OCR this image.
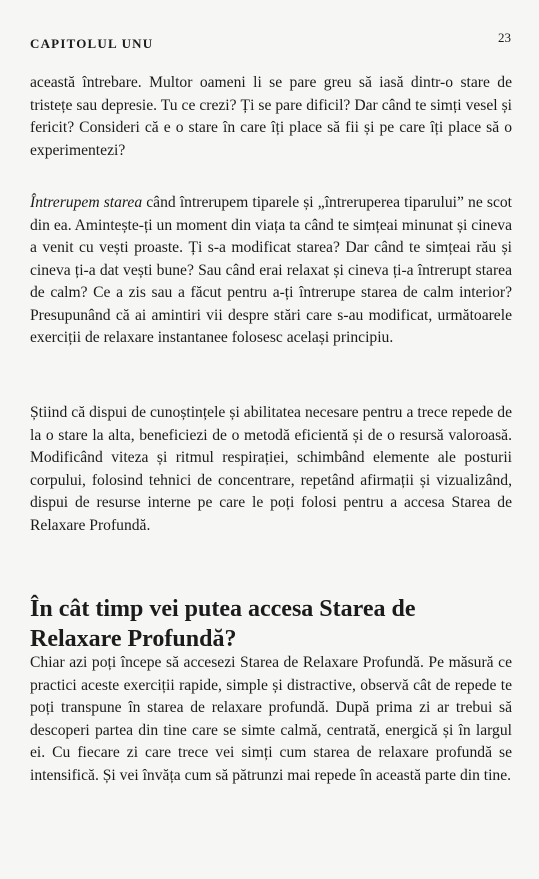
CAPITOLUL UNU	23

această întrebare. Multor oameni li se pare greu să iasă dintr-o stare de tristețe sau depresie. Tu ce crezi? Ți se pare dificil? Dar când te simți vesel și fericit? Consideri că e o stare în care îți place să fii și pe care îți place să o experimentezi?

Întrerupem starea când întrerupem tiparele și „întreruperea tiparului” ne scot din ea. Amintește-ți un moment din viața ta când te simțeai minunat și cineva a venit cu vești proaste. Ți s-a modificat starea? Dar când te simțeai rău și cineva ți-a dat vești bune? Sau când erai relaxat și cineva ți-a întrerupt starea de calm? Ce a zis sau a făcut pentru a-ți întrerupe starea de calm interior? Presupunând că ai amintiri vii despre stări care s-au modificat, următoarele exerciții de relaxare instantanee folosesc același principiu.

Știind că dispui de cunoștințele și abilitatea necesare pentru a trece repede de la o stare la alta, beneficiezi de o metodă eficientă și de o resursă valoroasă. Modificând viteza și ritmul respirației, schimbând elemente ale posturii corpului, folosind tehnici de concentrare, repetând afirmații și vizualizând, dispui de resurse interne pe care le poți folosi pentru a accesa Starea de Relaxare Profundă.

În cât timp vei putea accesa Starea de Relaxare Profundă?

Chiar azi poți începe să accesezi Starea de Relaxare Profundă. Pe măsură ce practici aceste exerciții rapide, simple și distractive, observă cât de repede te poți transpune în starea de relaxare profundă. După prima zi ar trebui să descoperi partea din tine care se simte calmă, centrată, energică și în largul ei. Cu fiecare zi care trece vei simți cum starea de relaxare profundă se intensifică. Și vei învăța cum să pătrunzi mai repede în această parte din tine.
